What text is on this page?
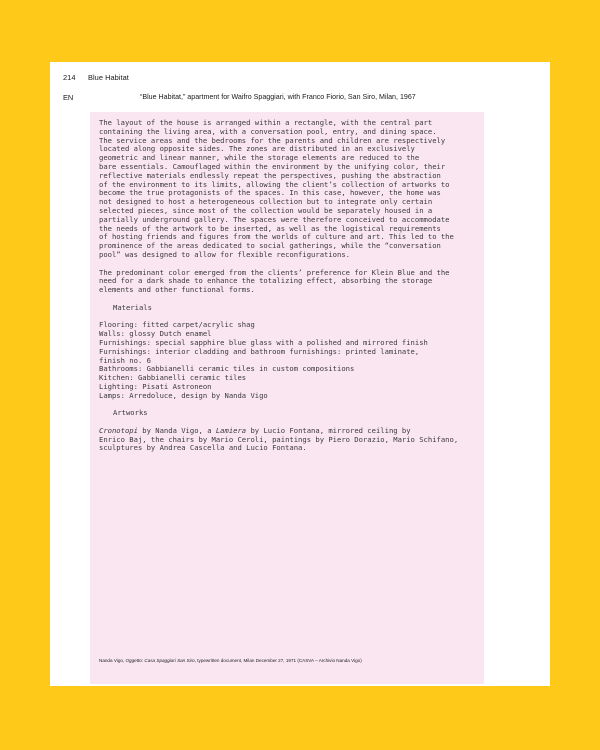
214 Blue Habitat
EN	“Blue Habitat,” apartment for Waifro Spaggiari, with Franco Fiorio, San Siro, Milan, 1967
The layout of the house is arranged within a rectangle, with the central part
containing the living area, with a conversation pool, entry, and dining space.
The service areas and the bedrooms for the parents and children are respectively
located along opposite sides. The zones are distributed in an exclusively
geometric and linear manner, while the storage elements are reduced to the
bare essentials. Camouflaged within the environment by the unifying color, their
reflective materials endlessly repeat the perspectives, pushing the abstraction
of the environment to its limits, allowing the client’s collection of artworks to
become the true protagonists of the spaces. In this case, however, the home was
not designed to host a heterogeneous collection but to integrate only certain
selected pieces, since most of the collection would be separately housed in a
partially underground gallery. The spaces were therefore conceived to accommodate
the needs of the artwork to be inserted, as well as the logistical requirements
of hosting friends and figures from the worlds of culture and art. This led to the
prominence of the areas dedicated to social gatherings, while the “conversation
pool” was designed to allow for flexible reconfigurations.
The predominant color emerged from the clients’ preference for Klein Blue and the
need for a dark shade to enhance the totalizing effect, absorbing the storage
elements and other functional forms.
Materials
Flooring: fitted carpet/acrylic shag
Walls: glossy Dutch enamel
Furnishings: special sapphire blue glass with a polished and mirrored finish
Furnishings: interior cladding and bathroom furnishings: printed laminate,
finish no. 6
Bathrooms: Gabbianelli ceramic tiles in custom compositions
Kitchen: Gabbianelli ceramic tiles
Lighting: Pisati Astroneon
Lamps: Arredoluce, design by Nanda Vigo
Artworks
Cronotopi by Nanda Vigo, a Lamiera by Lucio Fontana, mirrored ceiling by
Enrico Baj, the chairs by Mario Ceroli, paintings by Piero Dorazio, Mario Schifano,
sculptures by Andrea Cascella and Lucio Fontana.
Nanda Vigo, Oggetto: Casa Spaggiari San Siro, typewritten document, Milan December 27, 1971 (CASVA – Archivio Nanda Vigo)
